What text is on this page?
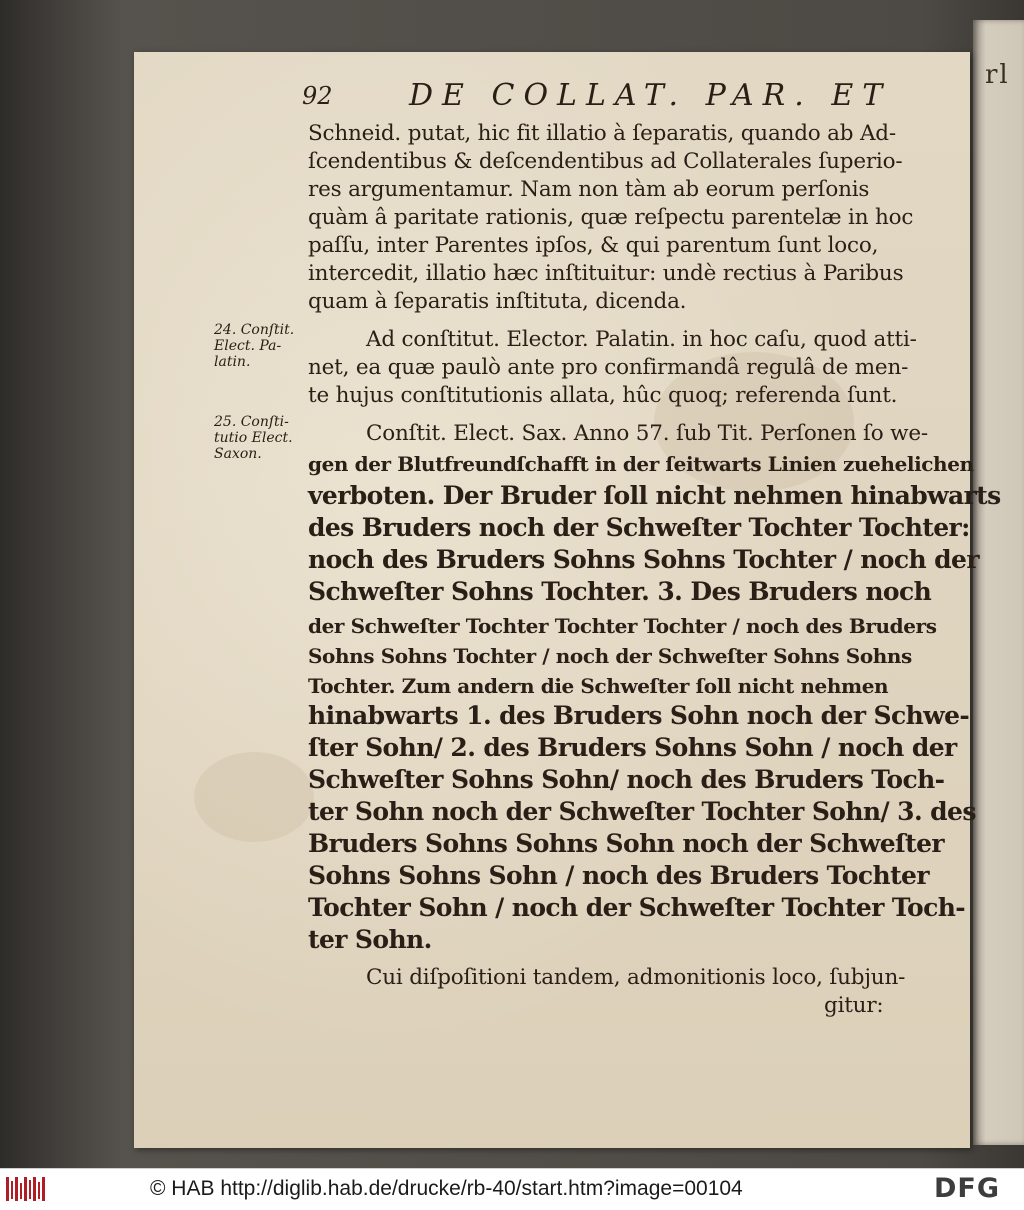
rl
92	DE COLLAT. PAR. ET
24. Conſtit.
Elect. Pa-
latin.
25. Conſti-
tutio Elect.
Saxon.
Schneid. putat, hic fit illatio à ſeparatis, quando ab Ad-
ſcendentibus & deſcendentibus ad Collaterales ſuperio-
res argumentamur. Nam non tàm ab eorum perſonis
quàm â paritate rationis, quæ reſpectu parentelæ in hoc
paſſu, inter Parentes ipſos, & qui parentum ſunt loco,
intercedit, illatio hæc inſtituitur: undè rectius à Paribus
quam à ſeparatis inſtituta, dicenda.
Ad conſtitut. Elector. Palatin. in hoc caſu, quod atti-
net, ea quæ paulò ante pro confirmandâ regulâ de men-
te hujus conſtitutionis allata, hûc quoq; referenda ſunt.
Conſtit. Elect. Sax. Anno 57. ſub Tit. Perſonen ſo we-
gen der Blutfreundſchafft in der ſeitwarts Linien zuehelichen
verboten. Der Bruder ſoll nicht nehmen hinabwarts
des Bruders noch der Schweſter Tochter Tochter:
noch des Bruders Sohns Sohns Tochter / noch der
Schweſter Sohns Tochter. 3. Des Bruders noch
der Schweſter Tochter Tochter Tochter / noch des Bruders
Sohns Sohns Tochter / noch der Schweſter Sohns Sohns
Tochter. Zum andern die Schweſter ſoll nicht nehmen
hinabwarts 1. des Bruders Sohn noch der Schwe-
ſter Sohn/ 2. des Bruders Sohns Sohn / noch der
Schweſter Sohns Sohn/ noch des Bruders Toch-
ter Sohn noch der Schweſter Tochter Sohn/ 3. des
Bruders Sohns Sohns Sohn noch der Schweſter
Sohns Sohns Sohn / noch des Bruders Tochter
Tochter Sohn / noch der Schweſter Tochter Toch-
ter Sohn.
Cui diſpoſitioni tandem, admonitionis loco, ſubjun-
gitur:
© HAB http://diglib.hab.de/drucke/rb-40/start.htm?image=00104	DFG
